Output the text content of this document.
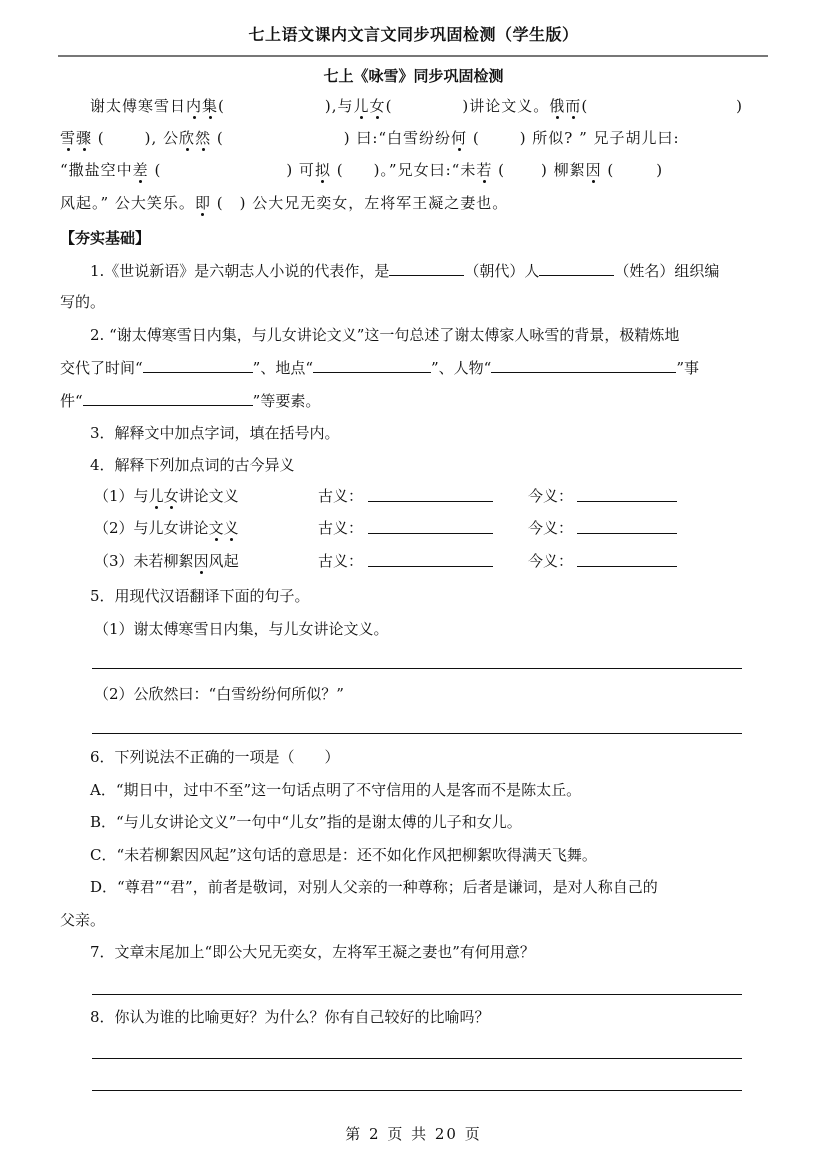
七上语文课内文言文同步巩固检测（学生版）
七上《咏雪》同步巩固检测
谢太傅寒雪日内集(	),与儿女(	)讲论文义。俄而(	)
雪骤 (	), 公欣然 (	) 曰:“白雪纷纷何 (	) 所似? ” 兄子胡儿曰:
“撒盐空中差 (	) 可拟 ( )。”兄女曰:“未若 ( ) 柳絮因 (	)
风起。” 公大笑乐。即 ( ) 公大兄无奕女，左将军王凝之妻也。
【夯实基础】
1.《世说新语》是六朝志人小说的代表作，是	（朝代）人	（姓名）组织编
写的。
2. “谢太傅寒雪日内集，与儿女讲论文义”这一句总述了谢太傅家人咏雪的背景，极精炼地
交代了时间“	”、地点“	”、人物“	”事
件“	”等要素。
3．解释文中加点字词，填在括号内。
4．解释下列加点词的古今异义
（1）与儿女讲论文义	古义：	今义：
（2）与儿女讲论文义	古义：	今义：
（3）未若柳絮因风起	古义：	今义：
5．用现代汉语翻译下面的句子。
（1）谢太傅寒雪日内集，与儿女讲论文义。
（2）公欣然曰：“白雪纷纷何所似？”
6．下列说法不正确的一项是（　　）
A．“期日中，过中不至”这一句话点明了不守信用的人是客而不是陈太丘。
B．“与儿女讲论文义”一句中“儿女”指的是谢太傅的儿子和女儿。
C．“未若柳絮因风起”这句话的意思是：还不如化作风把柳絮吹得满天飞舞。
D．“尊君”“君”，前者是敬词，对别人父亲的一种尊称；后者是谦词，是对人称自己的
父亲。
7．文章末尾加上“即公大兄无奕女，左将军王凝之妻也”有何用意？
8．你认为谁的比喻更好？为什么？你有自己较好的比喻吗？
第 2 页 共 20 页
